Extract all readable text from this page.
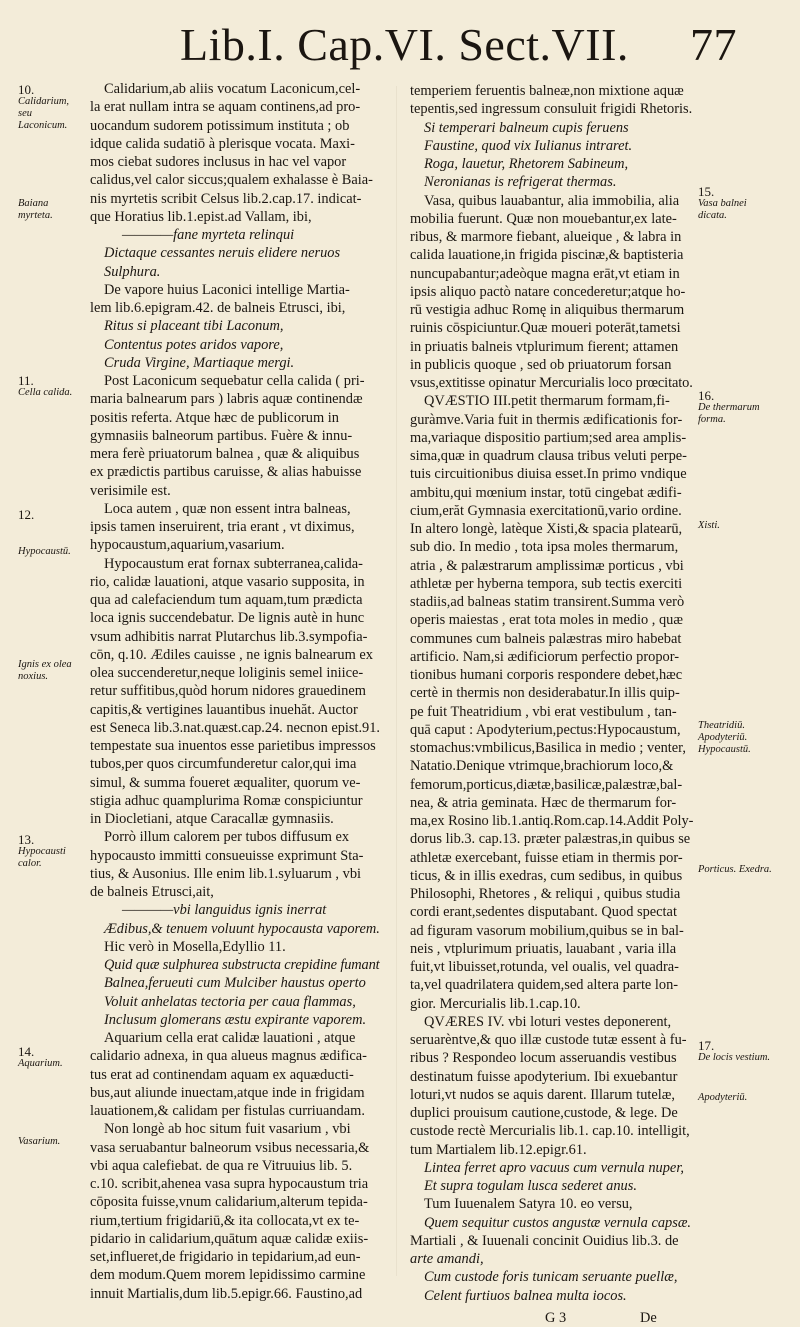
Lib.I. Cap.VI. Sect.VII. 77
Calidarium,ab aliis vocatum Laconicum,cel-
la erat nullam intra se aquam continens,ad pro-
uocandum sudorem potissimum instituta ; ob
idque calida sudatiō à plerisque vocata. Maxi-
mos ciebat sudores inclusus in hac vel vapor
calidus,vel calor siccus;qualem exhalasse è Baia-
nis myrtetis scribit Celsus lib.2.cap.17. indicat-
que Horatius lib.1.epist.ad Vallam, ibi,
————fane myrteta relinqui
Dictaque cessantes neruis elidere neruos
Sulphura.
De vapore huius Laconici intellige Martia-
lem lib.6.epigram.42. de balneis Etrusci, ibi,
Ritus si placeant tibi Laconum,
Contentus potes aridos vapore,
Cruda Virgine, Martiaque mergi.
Post Laconicum sequebatur cella calida ( pri-
maria balnearum pars ) labris aquæ continendæ
positis referta. Atque hæc de publicorum in
gymnasiis balneorum partibus. Fuère & innu-
mera ferè priuatorum balnea , quæ & aliquibus
ex prædictis partibus caruisse, & alias habuisse
verisimile est.
Loca autem , quæ non essent intra balneas,
ipsis tamen inseruirent, tria erant , vt diximus,
hypocaustum,aquarium,vasarium.
Hypocaustum erat fornax subterranea,calida-
rio, calidæ lauationi, atque vasario supposita, in
qua ad calefaciendum tum aquam,tum prædicta
loca ignis succendebatur. De lignis autè in hunc
vsum adhibitis narrat Plutarchus lib.3.sympofia-
cōn, q.10. Ædiles cauisse , ne ignis balnearum ex
olea succenderetur,neque loliginis semel iniice-
retur suffitibus,quòd horum nidores grauedinem
capitis,& vertigines lauantibus inuehăt. Auctor
est Seneca lib.3.nat.quæst.cap.24. necnon epist.91.
tempestate sua inuentos esse parietibus impressos
tubos,per quos circumfunderetur calor,qui ima
simul, & summa foueret æqualiter, quorum ve-
stigia adhuc quamplurima Romæ conspiciuntur
in Diocletiani, atque Caracallæ gymnasiis.
Porrò illum calorem per tubos diffusum ex
hypocausto immitti consueuisse exprimunt Sta-
tius, & Ausonius. Ille enim lib.1.syluarum , vbi
de balneis Etrusci,ait,
————vbi languidus ignis inerrat
Ædibus,& tenuem voluunt hypocausta vaporem.
Hic verò in Mosella,Edyllio 11.
Quid quæ sulphurea substructa crepidine fumant
Balnea,ferueuti cum Mulciber haustus operto
Voluit anhelatas tectoria per caua flammas,
Inclusum glomerans æstu expirante vaporem.
Aquarium cella erat calidæ lauationi , atque
calidario adnexa, in qua alueus magnus ædifica-
tus erat ad continendam aquam ex aquæducti-
bus,aut aliunde inuectam,atque inde in frigidam
lauationem,& calidam per fistulas curriuandam.
Non longè ab hoc situm fuit vasarium , vbi
vasa seruabantur balneorum vsibus necessaria,&
vbi aqua calefiebat. de qua re Vitruuius lib. 5.
c.10. scribit,ahenea vasa supra hypocaustum tria
cōposita fuisse,vnum calidarium,alterum tepida-
rium,tertium frigidariū,& ita collocata,vt ex te-
pidario in calidarium,quātum aquæ calidæ exiis-
set,influeret,de frigidario in tepidarium,ad eun-
dem modum.Quem morem lepidissimo carmine
innuit Martialis,dum lib.5.epigr.66. Faustino,ad
temperiem feruentis balneæ,non mixtione aquæ
tepentis,sed ingressum consuluit frigidi Rhetoris.
Si temperari balneum cupis feruens
Faustine, quod vix Iulianus intraret.
Roga, lauetur, Rhetorem Sabineum,
Neronianas is refrigerat thermas.
Vasa, quibus lauabantur, alia immobilia, alia
mobilia fuerunt. Quæ non mouebantur,ex late-
ribus, & marmore fiebant, alueique , & labra in
calida lauatione,in frigida piscinæ,& baptisteria
nuncupabantur;adeòque magna erāt,vt etiam in
ipsis aliquo pactò natare concederetur;atque ho-
rū vestigia adhuc Romę in aliquibus thermarum
ruinis cōspiciuntur.Quæ moueri poterāt,tametsi
in priuatis balneis vtplurimum fierent; attamen
in publicis quoque , sed ob priuatorum forsan
vsus,extitisse opinatur Mercurialis loco prœcitato.
QVÆSTIO III.petit thermarum formam,fi-
guràmve.Varia fuit in thermis ædificationis for-
ma,variaque dispositio partium;sed area amplis-
sima,quæ in quadrum clausa tribus veluti perpe-
tuis circuitionibus diuisa esset.In primo vndique
ambitu,qui mœnium instar, totū cingebat ædifi-
cium,erăt Gymnasia exercitationū,vario ordine.
In altero longè, latèque Xisti,& spacia platearū,
sub dio. In medio , tota ipsa moles thermarum,
atria , & palæstrarum amplissimæ porticus , vbi
athletæ per hyberna tempora, sub tectis exerciti
stadiis,ad balneas statim transirent.Summa verò
operis maiestas , erat tota moles in medio , quæ
communes cum balneis palæstras miro habebat
artificio. Nam,si ædificiorum perfectio propor-
tionibus humani corporis respondere debet,hæc
certè in thermis non desiderabatur.In illis quip-
pe fuit Theatridium , vbi erat vestibulum , tan-
quā caput : Apodyterium,pectus:Hypocaustum,
stomachus:vmbilicus,Basilica in medio ; venter,
Natatio.Denique vtrimque,brachiorum loco,&
femorum,porticus,diætæ,basilicæ,palæstræ,bal-
nea, & atria geminata. Hæc de thermarum for-
ma,ex Rosino lib.1.antiq.Rom.cap.14.Addit Poly-
dorus lib.3. cap.13. præter palæstras,in quibus se
athletæ exercebant, fuisse etiam in thermis por-
ticus, & in illis exedras, cum sedibus, in quibus
Philosophi, Rhetores , & reliqui , quibus studia
cordi erant,sedentes disputabant. Quod spectat
ad figuram vasorum mobilium,quibus se in bal-
neis , vtplurimum priuatis, lauabant , varia illa
fuit,vt libuisset,rotunda, vel oualis, vel quadra-
ta,vel quadrilatera quidem,sed altera parte lon-
gior. Mercurialis lib.1.cap.10.
QVÆRES IV. vbi loturi vestes deponerent,
seruarèntve,& quo illæ custode tutæ essent à fu-
ribus ? Respondeo locum asseruandis vestibus
destinatum fuisse apodyterium. Ibi exuebantur
loturi,vt nudos se aquis darent. Illarum tutelæ,
duplici prouisum cautione,custode, & lege. De
custode rectè Mercurialis lib.1. cap.10. intelligit,
tum Martialem lib.12.epigr.61.
Lintea ferret apro vacuus cum vernula nuper,
Et supra togulam lusca sederet anus.
Tum Iuuenalem Satyra 10. eo versu,
Quem sequitur custos angustæ vernula capsæ.
Martiali , & Iuuenali concinit Ouidius lib.3. de
arte amandi,
Cum custode foris tunicam seruante puellæ,
Celent furtiuos balnea multa iocos.
10.
Calidarium, seu Laconicum.
Baiana myrteta.
11.
Cella calida.
12.
Hypocaustū.
Ignis ex olea noxius.
13.
Hypocausti calor.
14.
Aquarium.
Vasarium.
15.
Vasa balnei dicata.
16.
De thermarum forma.
Xisti.
Theatridiū. Apodyteriū. Hypocaustū.
Porticus. Exedra.
17.
De locis vestium.
Apodyteriū.
G 3	De
